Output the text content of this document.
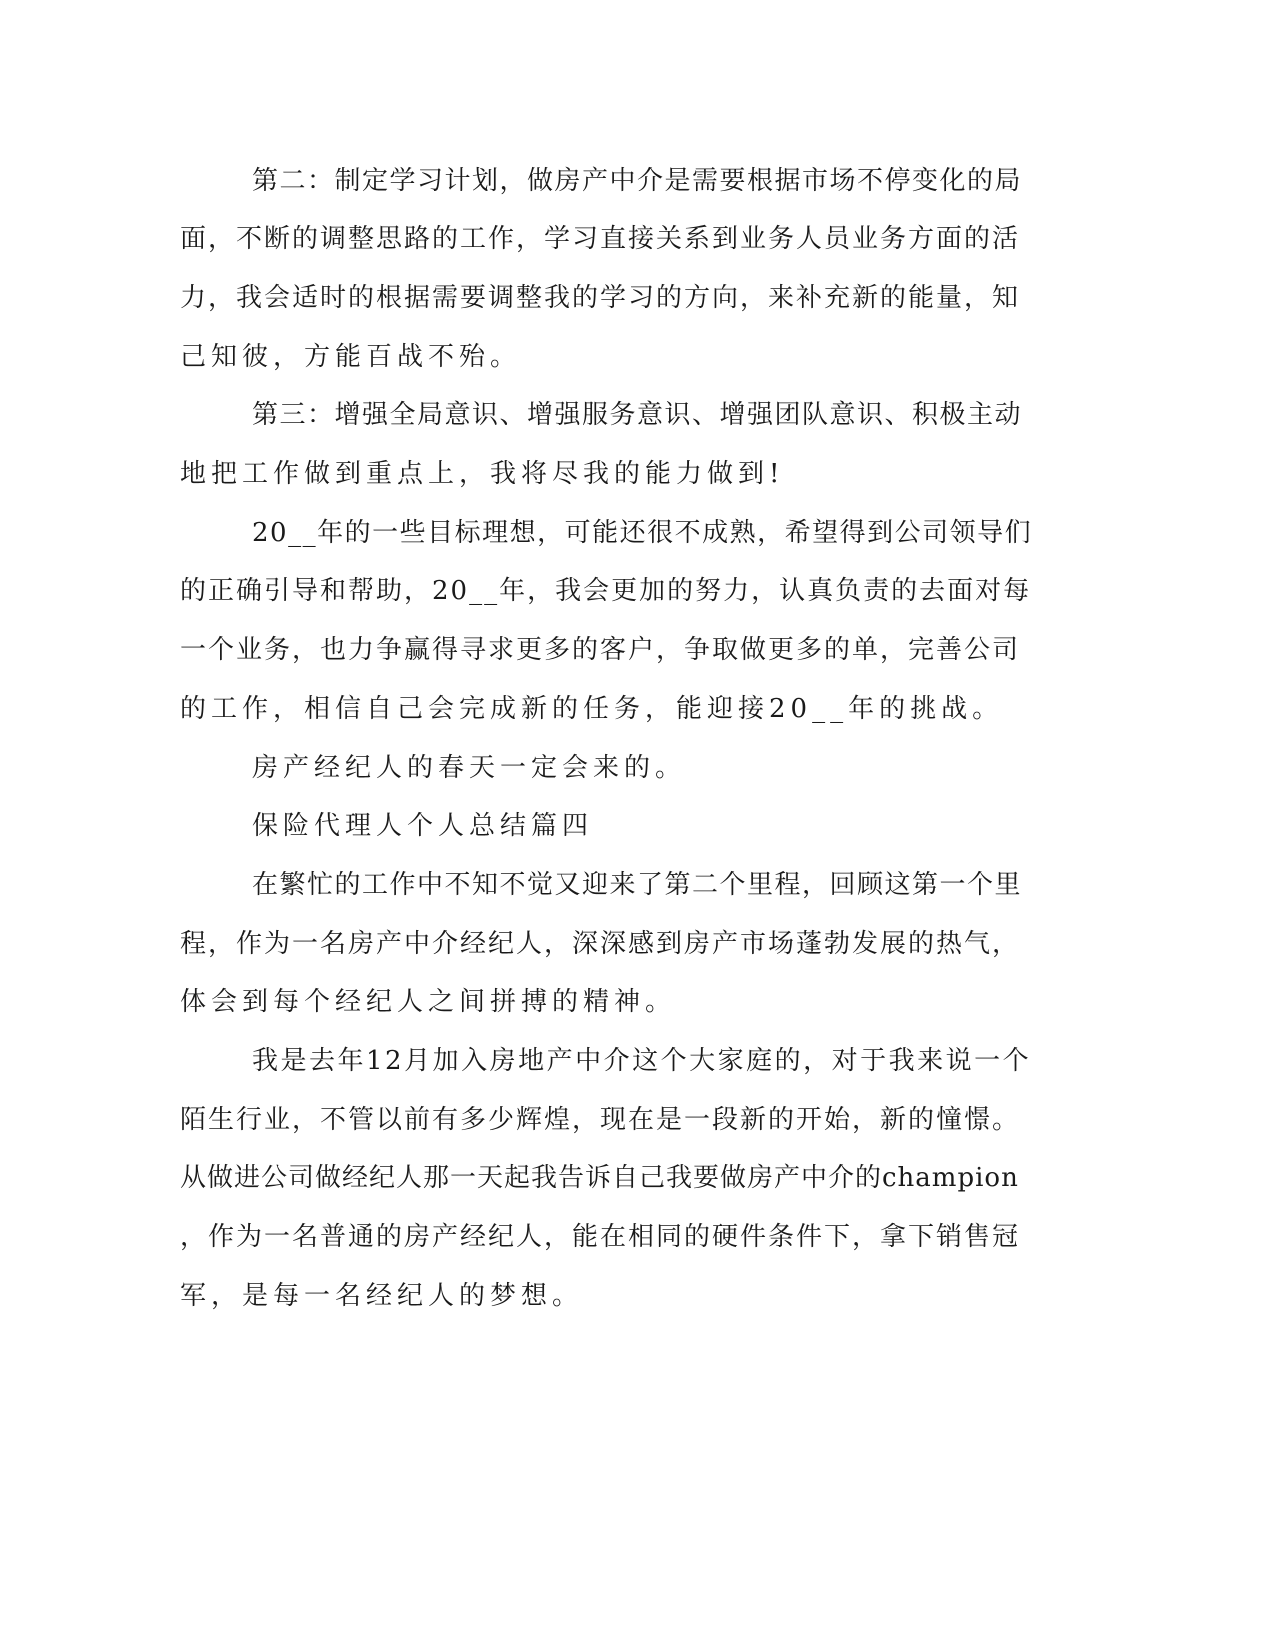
第二：制定学习计划，做房产中介是需要根据市场不停变化的局

面，不断的调整思路的工作，学习直接关系到业务人员业务方面的活

力，我会适时的根据需要调整我的学习的方向，来补充新的能量，知

己知彼，方能百战不殆。

第三：增强全局意识、增强服务意识、增强团队意识、积极主动

地把工作做到重点上，我将尽我的能力做到!

20__年的一些目标理想，可能还很不成熟，希望得到公司领导们

的正确引导和帮助，20__年，我会更加的努力，认真负责的去面对每

一个业务，也力争赢得寻求更多的客户，争取做更多的单，完善公司

的工作，相信自己会完成新的任务，能迎接20__年的挑战。

房产经纪人的春天一定会来的。

保险代理人个人总结篇四

在繁忙的工作中不知不觉又迎来了第二个里程，回顾这第一个里

程，作为一名房产中介经纪人，深深感到房产市场蓬勃发展的热气，

体会到每个经纪人之间拼搏的精神。

我是去年12月加入房地产中介这个大家庭的，对于我来说一个

陌生行业，不管以前有多少辉煌，现在是一段新的开始，新的憧憬。

从做进公司做经纪人那一天起我告诉自己我要做房产中介的champion

，作为一名普通的房产经纪人，能在相同的硬件条件下，拿下销售冠

军，是每一名经纪人的梦想。
